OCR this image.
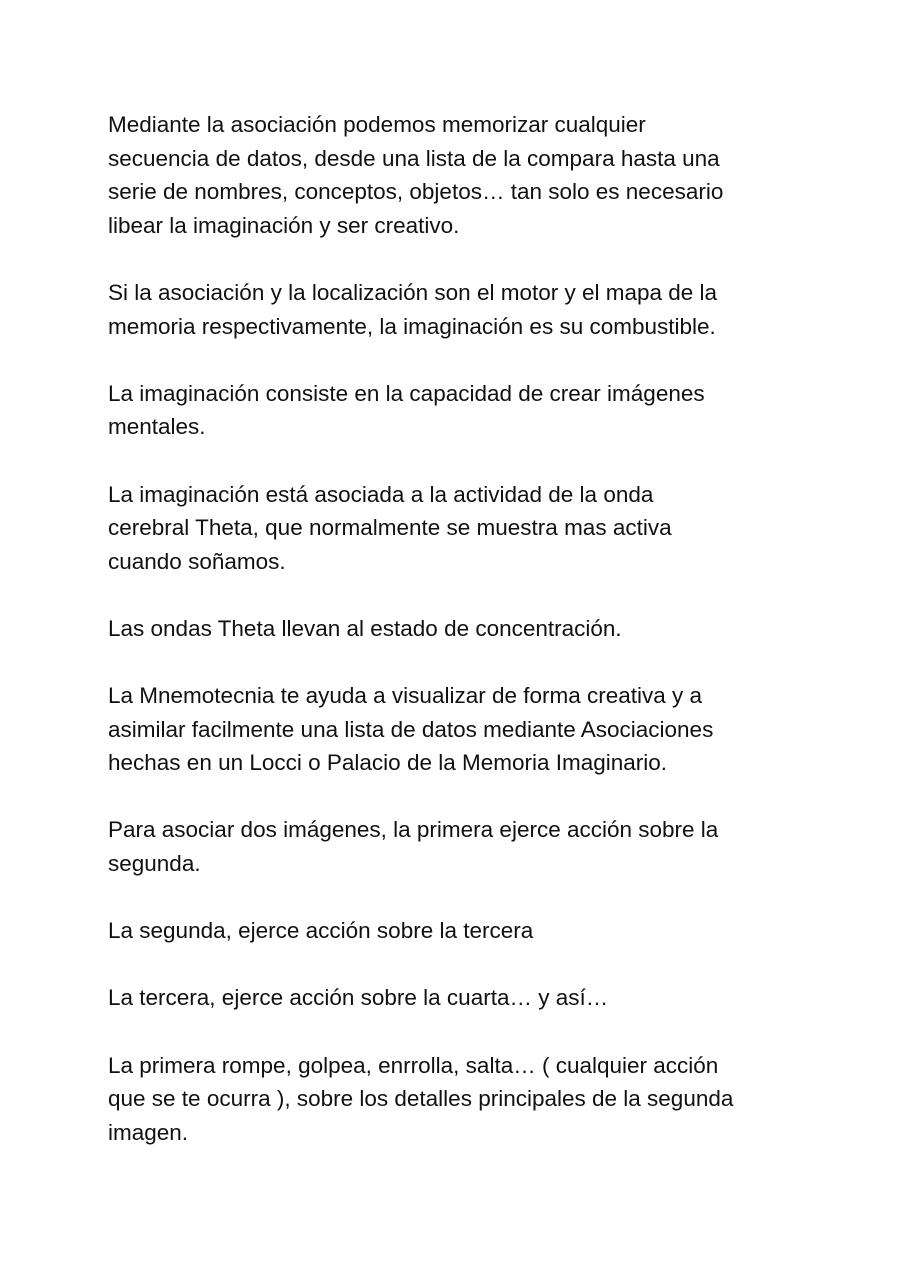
Mediante la asociación podemos memorizar cualquier
secuencia de datos, desde una lista de la compara hasta una
serie de nombres, conceptos, objetos… tan solo es necesario
libear la imaginación y ser creativo.

Si la asociación y la localización son el motor y el mapa de la
memoria respectivamente, la imaginación es su combustible.

La imaginación consiste en la capacidad de crear imágenes
mentales.

La imaginación está asociada a la actividad de la onda
cerebral Theta, que normalmente se muestra mas activa
cuando soñamos.

Las ondas Theta llevan al estado de concentración.

La Mnemotecnia te ayuda a visualizar de forma creativa y a
asimilar facilmente una lista de datos mediante Asociaciones
hechas en un Locci o Palacio de la Memoria Imaginario.

Para asociar dos imágenes, la primera ejerce acción sobre la
segunda.

La segunda, ejerce acción sobre la tercera

La tercera, ejerce acción sobre la cuarta… y así…

La primera rompe, golpea, enrrolla, salta… ( cualquier acción
que se te ocurra ), sobre los detalles principales de la segunda
imagen.
